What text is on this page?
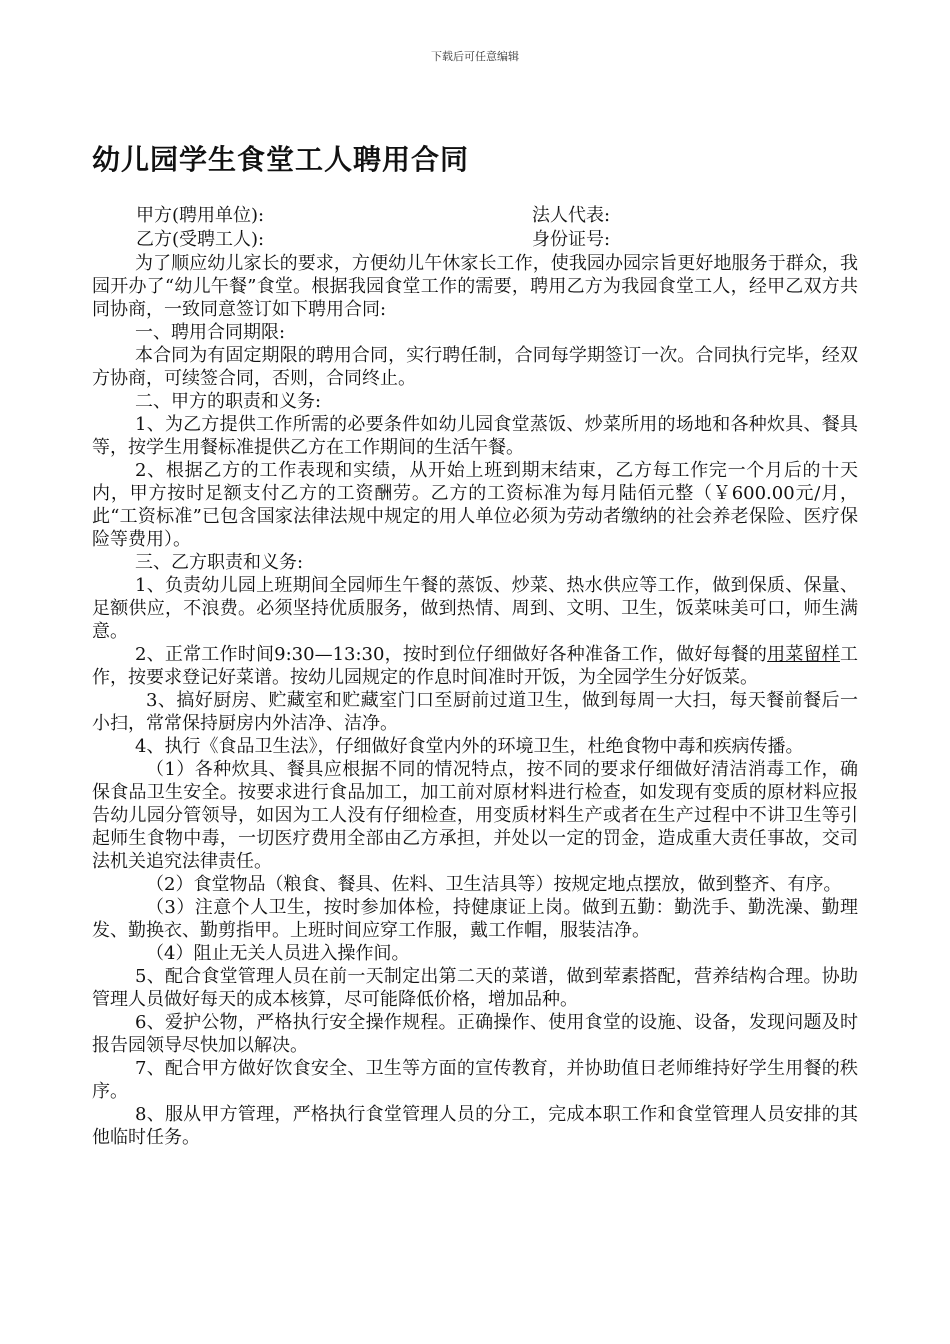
下载后可任意编辑
幼儿园学生食堂工人聘用合同
甲方(聘用单位):	法人代表:
乙方(受聘工人):	身份证号:

为了顺应幼儿家长的要求，方便幼儿午休家长工作，使我园办园宗旨更好地服务于群众，我园开办了“幼儿午餐”食堂。根据我园食堂工作的需要，聘用乙方为我园食堂工人，经甲乙双方共同协商，一致同意签订如下聘用合同:

一、聘用合同期限:

本合同为有固定期限的聘用合同，实行聘任制，合同每学期签订一次。合同执行完毕，经双方协商，可续签合同，否则，合同终止。

二、甲方的职责和义务:

1、为乙方提供工作所需的必要条件如幼儿园食堂蒸饭、炒菜所用的场地和各种炊具、餐具等，按学生用餐标准提供乙方在工作期间的生活午餐。

2、根据乙方的工作表现和实绩，从开始上班到期末结束，乙方每工作完一个月后的十天内，甲方按时足额支付乙方的工资酬劳。乙方的工资标准为每月陆佰元整（￥600.00元/月，此“工资标准”已包含国家法律法规中规定的用人单位必须为劳动者缴纳的社会养老保险、医疗保险等费用）。

三、乙方职责和义务:

1、负责幼儿园上班期间全园师生午餐的蒸饭、炒菜、热水供应等工作，做到保质、保量、足额供应，不浪费。必须坚持优质服务，做到热情、周到、文明、卫生，饭菜味美可口，师生满意。

2、正常工作时间9:30—13:30，按时到位仔细做好各种准备工作，做好每餐的用菜留样工作，按要求登记好菜谱。按幼儿园规定的作息时间准时开饭，为全园学生分好饭菜。

3、搞好厨房、贮藏室和贮藏室门口至厨前过道卫生，做到每周一大扫，每天餐前餐后一小扫，常常保持厨房内外洁净、洁净。

4、执行《食品卫生法》，仔细做好食堂内外的环境卫生，杜绝食物中毒和疾病传播。

（1）各种炊具、餐具应根据不同的情况特点，按不同的要求仔细做好清洁消毒工作，确保食品卫生安全。按要求进行食品加工，加工前对原材料进行检查，如发现有变质的原材料应报告幼儿园分管领导，如因为工人没有仔细检查，用变质材料生产或者在生产过程中不讲卫生等引起师生食物中毒，一切医疗费用全部由乙方承担，并处以一定的罚金，造成重大责任事故，交司法机关追究法律责任。

（2）食堂物品（粮食、餐具、佐料、卫生洁具等）按规定地点摆放，做到整齐、有序。

（3）注意个人卫生，按时参加体检，持健康证上岗。做到五勤：勤洗手、勤洗澡、勤理发、勤换衣、勤剪指甲。上班时间应穿工作服，戴工作帽，服装洁净。

（4）阻止无关人员进入操作间。

5、配合食堂管理人员在前一天制定出第二天的菜谱，做到荤素搭配，营养结构合理。协助管理人员做好每天的成本核算，尽可能降低价格，增加品种。

6、爱护公物，严格执行安全操作规程。正确操作、使用食堂的设施、设备，发现问题及时报告园领导尽快加以解决。

7、配合甲方做好饮食安全、卫生等方面的宣传教育，并协助值日老师维持好学生用餐的秩序。

8、服从甲方管理，严格执行食堂管理人员的分工，完成本职工作和食堂管理人员安排的其他临时任务。
